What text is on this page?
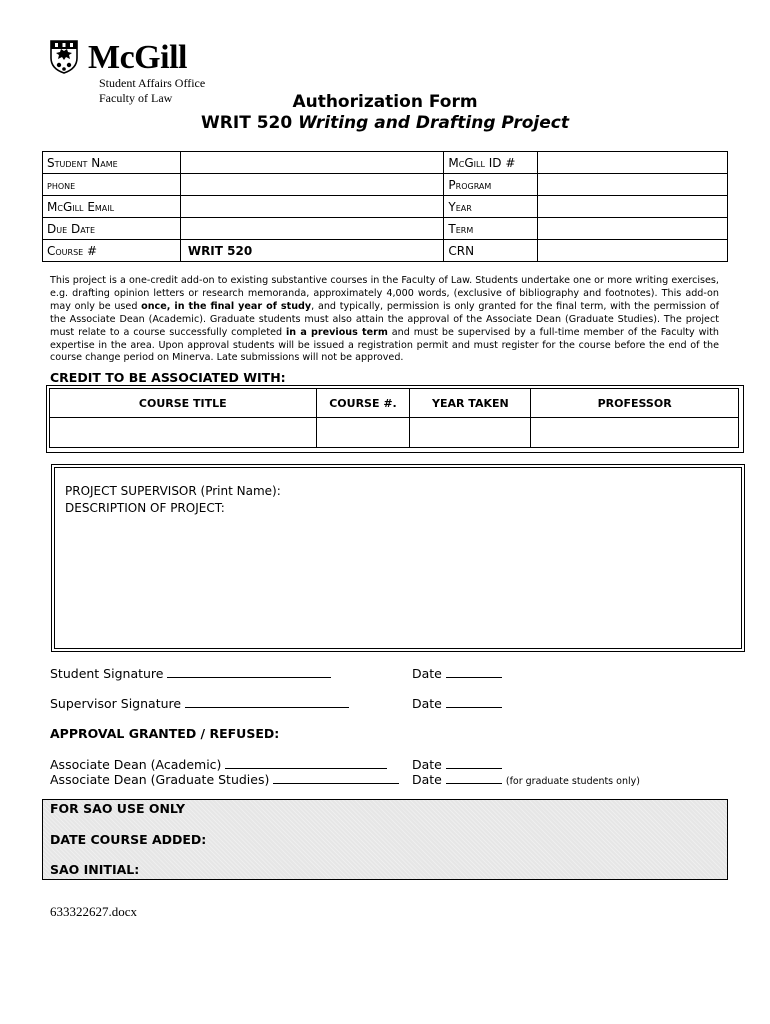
McGill
Student Affairs Office
Faculty of Law	Authorization Form
WRIT 520 Writing and Drafting Project
Student Name		McGill ID #	
phone		Program	
McGill Email		Year	
Due Date		Term	
Course #	WRIT 520	CRN	
This project is a one-credit add-on to existing substantive courses in the Faculty of Law. Students undertake one or more writing exercises, e.g. drafting opinion letters or research memoranda, approximately 4,000 words, (exclusive of bibliography and footnotes). This add-on may only be used once, in the final year of study, and typically, permission is only granted for the final term, with the permission of the Associate Dean (Academic). Graduate students must also attain the approval of the Associate Dean (Graduate Studies). The project must relate to a course successfully completed in a previous term and must be supervised by a full-time member of the Faculty with expertise in the area. Upon approval students will be issued a registration permit and must register for the course before the end of the course change period on Minerva. Late submissions will not be approved.
CREDIT TO BE ASSOCIATED WITH:
COURSE TITLE	COURSE #.	YEAR TAKEN	PROFESSOR

PROJECT SUPERVISOR (Print Name):
DESCRIPTION OF PROJECT:
Student Signature	Date
Supervisor Signature	Date
APPROVAL GRANTED / REFUSED:
Associate Dean (Academic)	Date
Associate Dean (Graduate Studies)	Date	(for graduate students only)
FOR SAO USE ONLY
DATE COURSE ADDED:
SAO INITIAL:
633322627.docx
